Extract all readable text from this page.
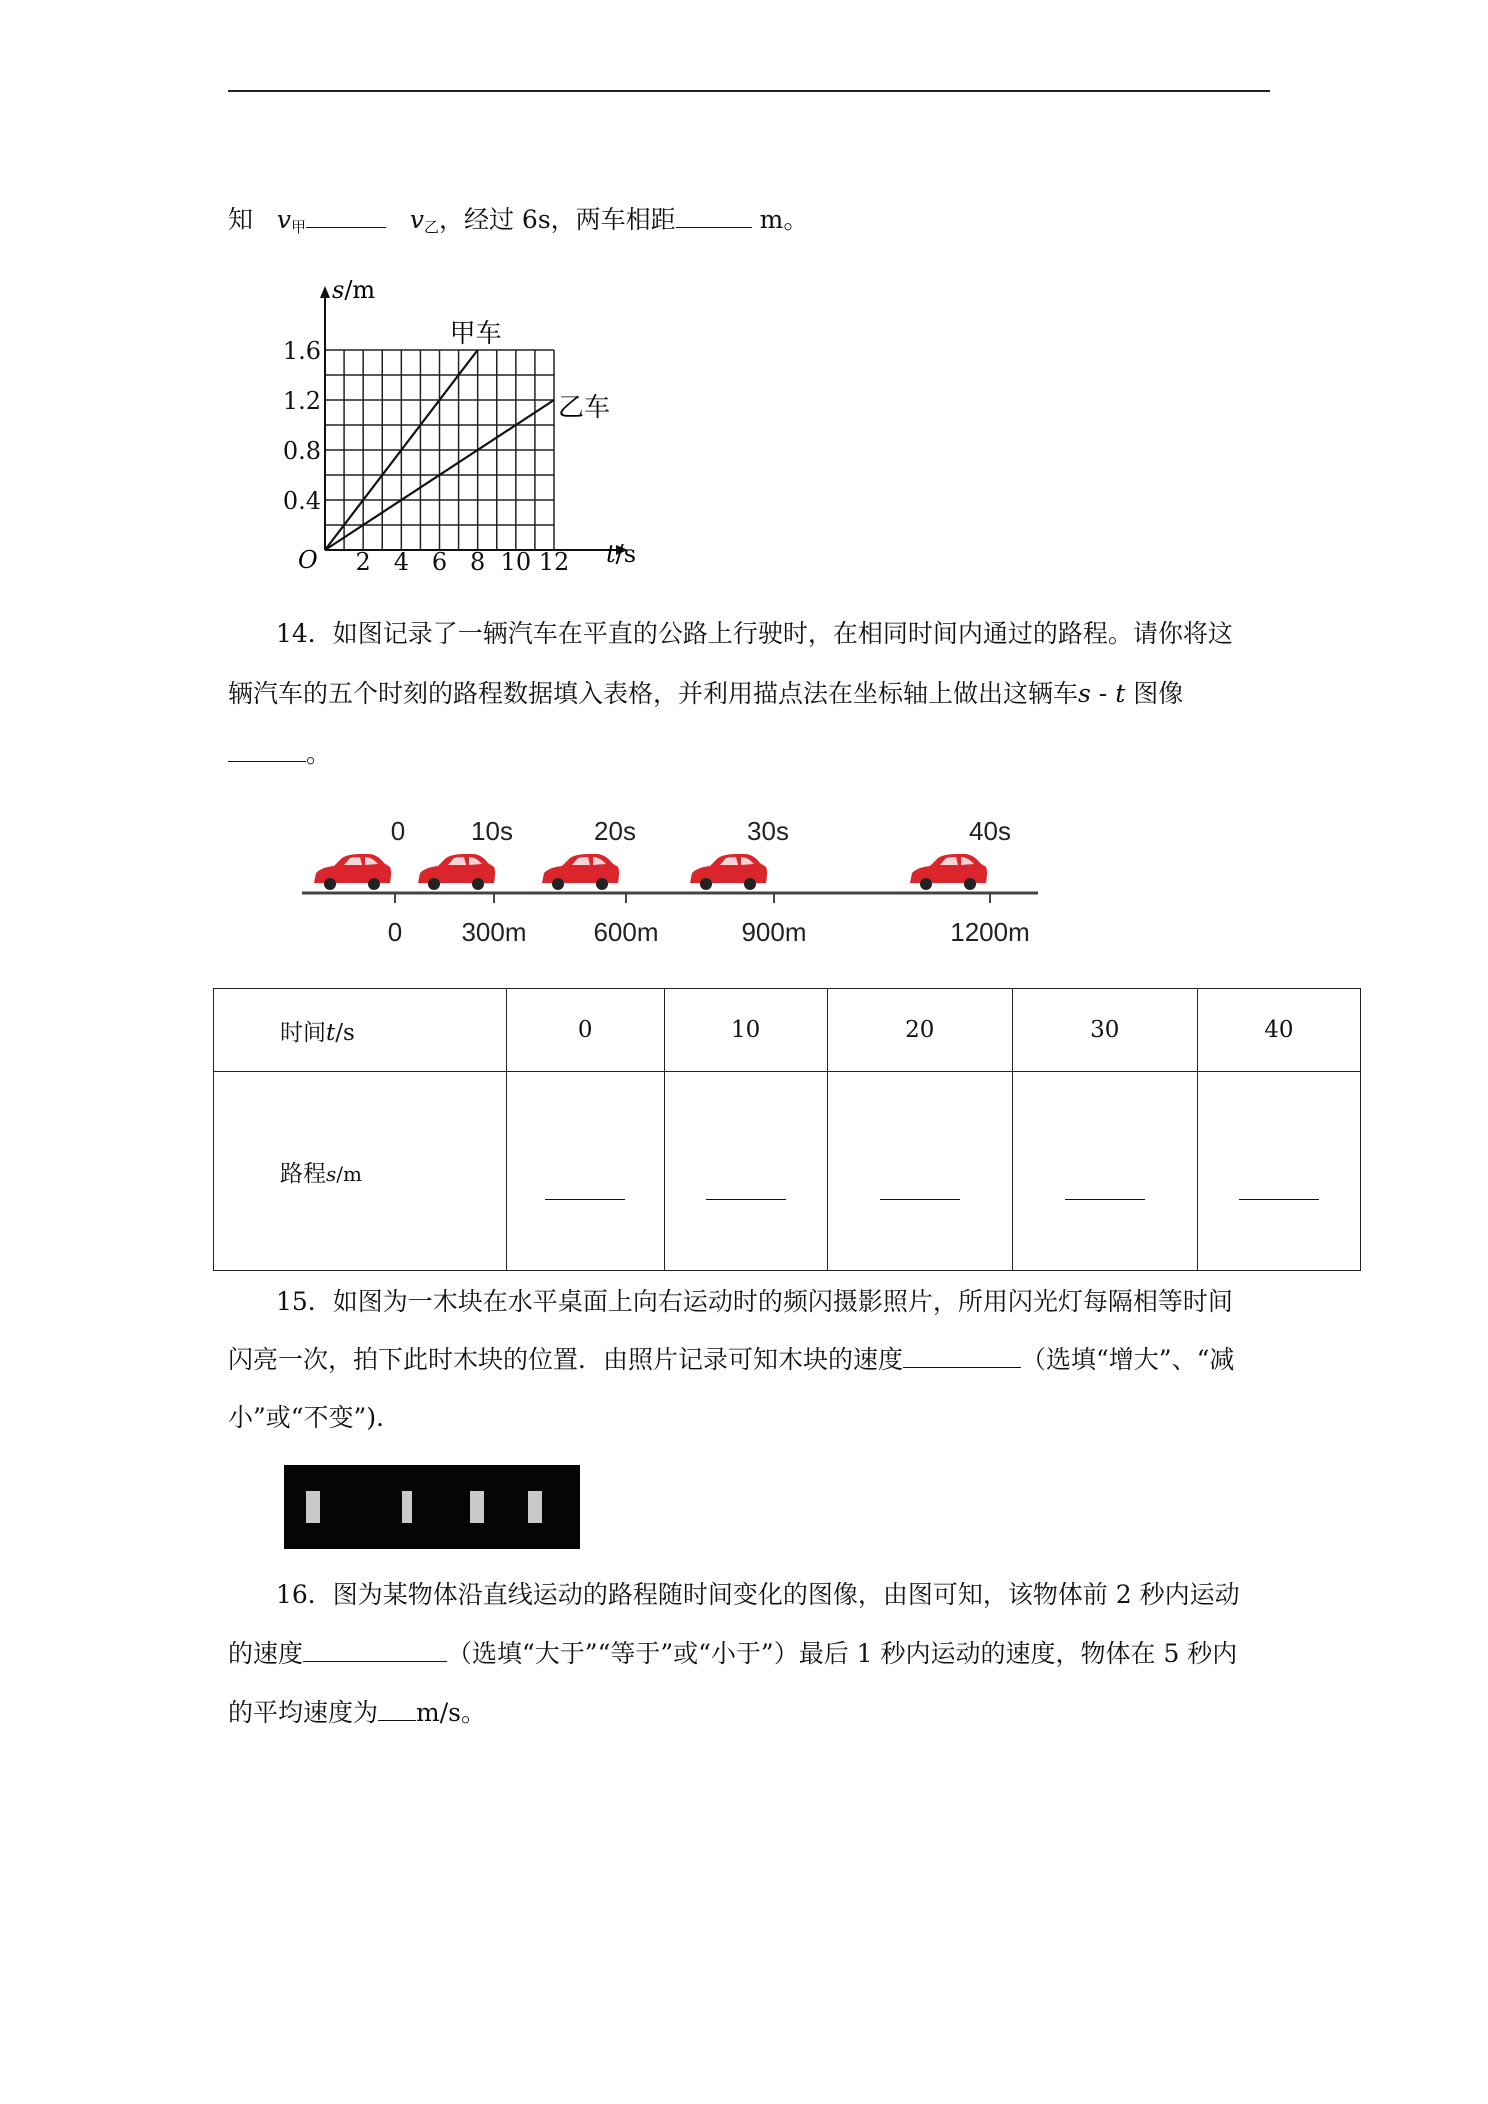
知 $v_甲$	$v_乙$，经过 6s，两车相距	m。
2 4 6 8 10 12
1.6
1.2
0.8
0.4
O
s/m
t/s
甲车
乙车
14．如图记录了一辆汽车在平直的公路上行驶时，在相同时间内通过的路程。请你将这
辆汽车的五个时刻的路程数据填入表格，并利用描点法在坐标轴上做出这辆车s - t 图像
。
0	10s	20s	30s	40s
0 300m	600m	900m	1200m
时间t/s	0	10	20	30	40
路程s/m					
15．如图为一木块在水平桌面上向右运动时的频闪摄影照片，所用闪光灯每隔相等时间
闪亮一次，拍下此时木块的位置．由照片记录可知木块的速度	（选填“增大”、“减
小”或“不变”)．
16．图为某物体沿直线运动的路程随时间变化的图像，由图可知，该物体前 2 秒内运动
的速度	（选填“大于”“等于”或“小于”）最后 1 秒内运动的速度，物体在 5 秒内
的平均速度为 m/s。
